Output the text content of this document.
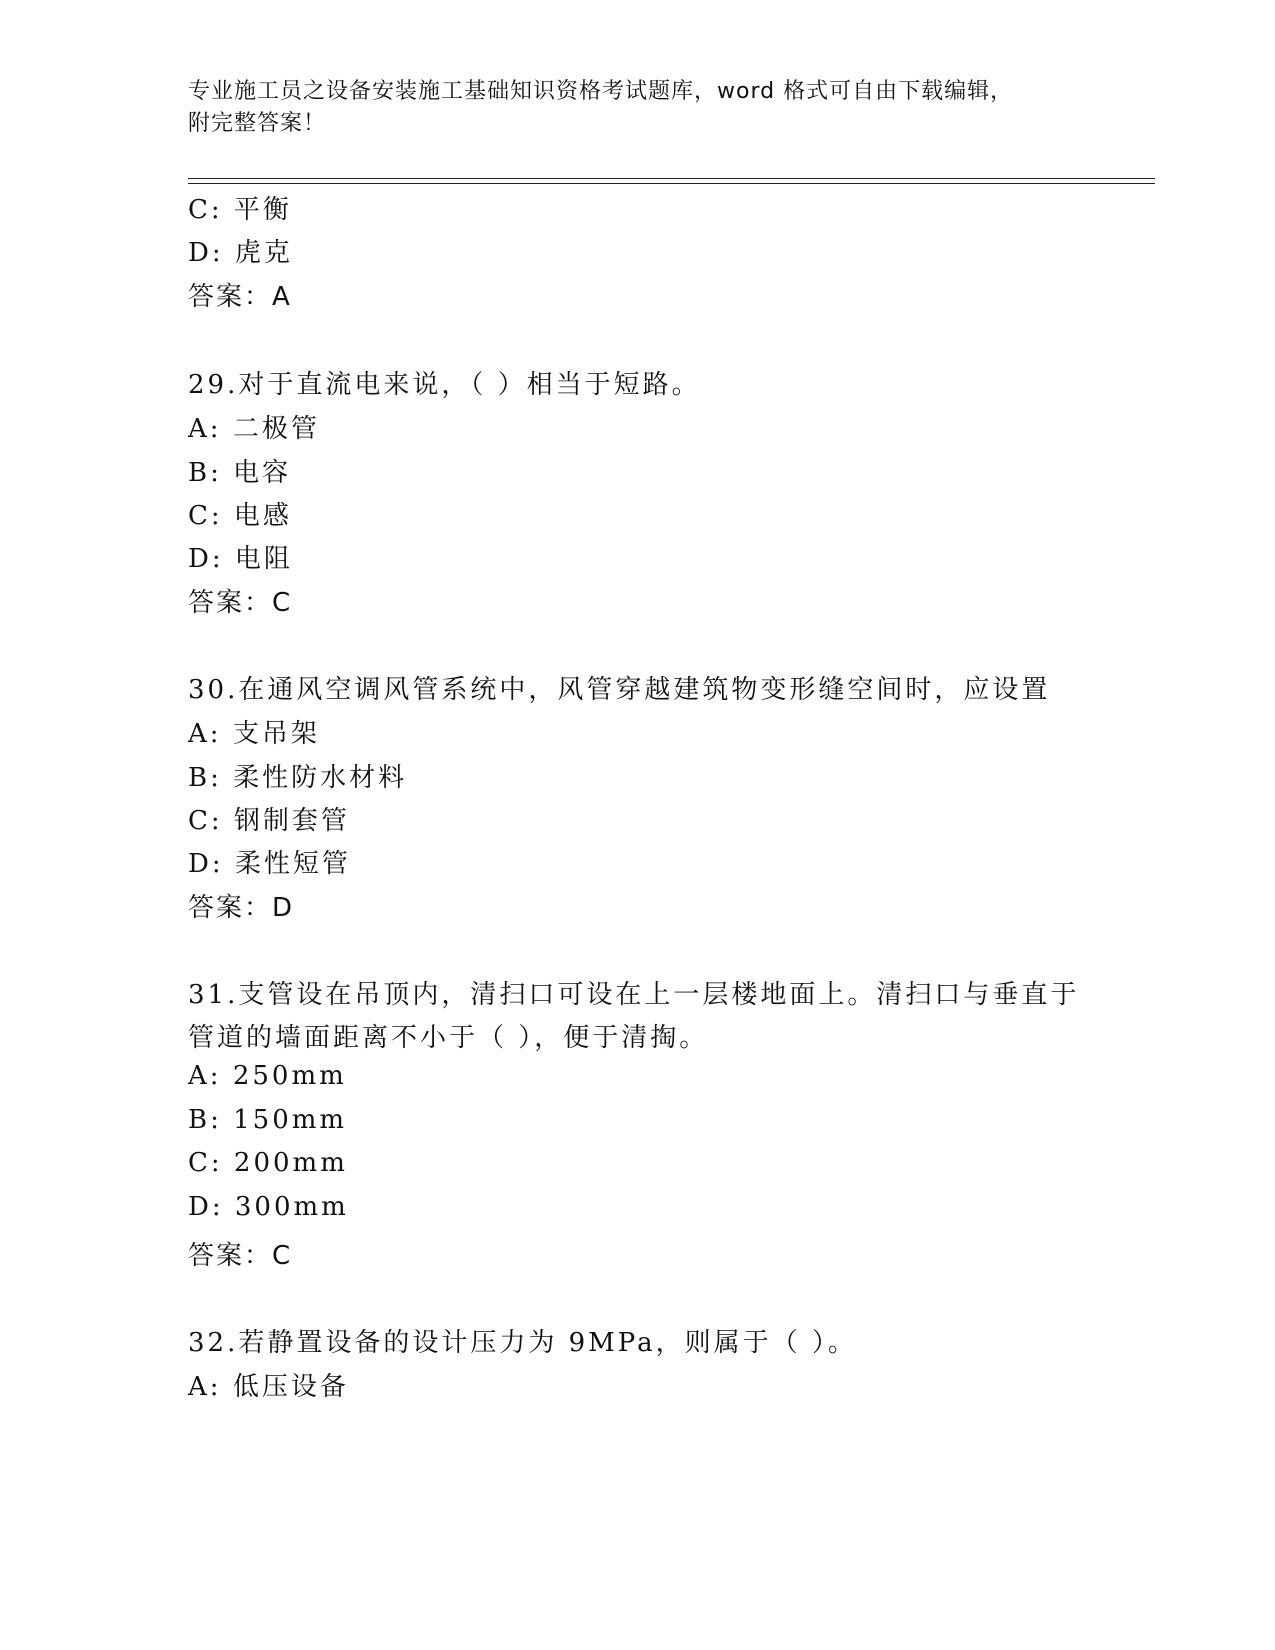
专业施工员之设备安装施工基础知识资格考试题库，word 格式可自由下载编辑，
附完整答案！
C: 平衡
D: 虎克
答案：A
29.对于直流电来说，（ ）相当于短路。
A: 二极管
B: 电容
C: 电感
D: 电阻
答案：C
30.在通风空调风管系统中，风管穿越建筑物变形缝空间时，应设置
A: 支吊架
B: 柔性防水材料
C: 钢制套管
D: 柔性短管
答案：D
31.支管设在吊顶内，清扫口可设在上一层楼地面上。清扫口与垂直于
管道的墙面距离不小于（ ），便于清掏。
A: 250mm
B: 150mm
C: 200mm
D: 300mm
答案：C
32.若静置设备的设计压力为 9MPa，则属于（ ）。
A: 低压设备
